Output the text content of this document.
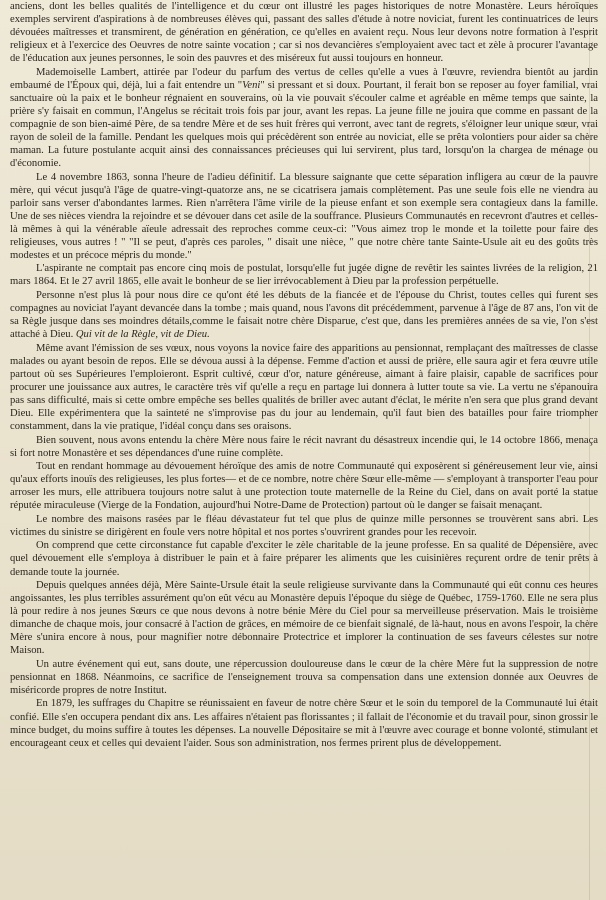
anciens, dont les belles qualités de l'intelligence et du cœur ont illustré les pages historiques de notre Monastère. Leurs héroïques exemples servirent d'aspirations à de nombreuses élèves qui, passant des salles d'étude à notre noviciat, furent les continuatrices de leurs dévouées maîtresses et transmirent, de génération en génération, ce qu'elles en avaient reçu. Nous leur devons notre formation à l'esprit religieux et à l'exercice des Oeuvres de notre sainte vocation ; car si nos devancières s'employaient avec tact et zèle à procurer l'avantage de l'éducation aux jeunes personnes, le soin des pauvres et des miséreux fut aussi toujours en honneur.

Mademoiselle Lambert, attirée par l'odeur du parfum des vertus de celles qu'elle a vues à l'œuvre, reviendra bientôt au jardin embaumé de l'Époux qui, déjà, lui a fait entendre un "Veni" si pressant et si doux. Pourtant, il ferait bon se reposer au foyer familial, vrai sanctuaire où la paix et le bonheur régnaient en souverains, où la vie pouvait s'écouler calme et agréable en même temps que sainte, la prière s'y faisait en commun, l'Angelus se récitait trois fois par jour, avant les repas. La jeune fille ne jouira que comme en passant de la compagnie de son bien-aimé Père, de sa tendre Mère et de ses huit frères qui verront, avec tant de regrets, s'éloigner leur unique sœur, vrai rayon de soleil de la famille. Pendant les quelques mois qui précèdèrent son entrée au noviciat, elle se prêta volontiers pour aider sa chère maman. La future postulante acquit ainsi des connaissances précieuses qui lui servirent, plus tard, lorsqu'on la chargea de ménage ou d'économie.

Le 4 novembre 1863, sonna l'heure de l'adieu définitif. La blessure saignante que cette séparation infligera au cœur de la pauvre mère, qui vécut jusqu'à l'âge de quatre-vingt-quatorze ans, ne se cicatrisera jamais complètement. Pas une seule fois elle ne viendra au parloir sans verser d'abondantes larmes. Rien n'arrêtera l'âme virile de la pieuse enfant et son exemple sera contagieux dans la famille. Une de ses nièces viendra la rejoindre et se dévouer dans cet asile de la souffrance. Plusieurs Communautés en recevront d'autres et celles-là mêmes à qui la vénérable aïeule adressait des reproches comme ceux-ci: "Vous aimez trop le monde et la toilette pour faire des religieuses, vous autres ! " "Il se peut, d'après ces paroles, " disait une nièce, " que notre chère tante Sainte-Usule ait eu des goûts très modestes et un précoce mépris du monde."

L'aspirante ne comptait pas encore cinq mois de postulat, lorsqu'elle fut jugée digne de revêtir les saintes livrées de la religion, 21 mars 1864. Et le 27 avril 1865, elle avait le bonheur de se lier irrévocablement à Dieu par la profession perpétuelle.

Personne n'est plus là pour nous dire ce qu'ont été les débuts de la fiancée et de l'épouse du Christ, toutes celles qui furent ses compagnes au noviciat l'ayant devancée dans la tombe ; mais quand, nous l'avons dit précédemment, parvenue à l'âge de 87 ans, l'on vit de sa Règle jusque dans ses moindres détails,comme le faisait notre chère Disparue, c'est que, dans les premières années de sa vie, l'on s'est attaché à Dieu. Qui vit de la Règle, vit de Dieu.

Même avant l'émission de ses vœux, nous voyons la novice faire des apparitions au pensionnat, remplaçant des maîtresses de classe malades ou ayant besoin de repos. Elle se dévoua aussi à la dépense. Femme d'action et aussi de prière, elle saura agir et fera œuvre utile partout où ses Supérieures l'emploieront. Esprit cultivé, cœur d'or, nature généreuse, aimant à faire plaisir, capable de sacrifices pour procurer une jouissance aux autres, le caractère très vif qu'elle a reçu en partage lui donnera à lutter toute sa vie. La vertu ne s'épanouira pas sans difficulté, mais si cette ombre empêche ses belles qualités de briller avec autant d'éclat, le mérite n'en sera que plus grand devant Dieu. Elle expérimentera que la sainteté ne s'improvise pas du jour au lendemain, qu'il faut bien des batailles pour faire triompher constamment, dans la vie pratique, l'idéal conçu dans ses oraisons.

Bien souvent, nous avons entendu la chère Mère nous faire le récit navrant du désastreux incendie qui, le 14 octobre 1866, menaça si fort notre Monastère et ses dépendances d'une ruine complète.

Tout en rendant hommage au dévouement héroïque des amis de notre Communauté qui exposèrent si généreusement leur vie, ainsi qu'aux efforts inouïs des religieuses, les plus fortes— et de ce nombre, notre chère Sœur elle-même — s'employant à transporter l'eau pour arroser les murs, elle attribuera toujours notre salut à une protection toute maternelle de la Reine du Ciel, dans on avait porté la statue réputée miraculeuse (Vierge de la Fondation, aujourd'hui Notre-Dame de Protection) partout où le danger se faisait menaçant.

Le nombre des maisons rasées par le fléau dévastateur fut tel que plus de quinze mille personnes se trouvèrent sans abri. Les victimes du sinistre se dirigèrent en foule vers notre hôpital et nos portes s'ouvrirent grandes pour les recevoir.

On comprend que cette circonstance fut capable d'exciter le zèle charitable de la jeune professe. En sa qualité de Dépensière, avec quel dévouement elle s'employa à distribuer le pain et à faire préparer les aliments que les cuisinières reçurent ordre de tenir prêts à demande toute la journée.

Depuis quelques années déjà, Mère Sainte-Ursule était la seule religieuse survivante dans la Communauté qui eût connu ces heures angoissantes, les plus terribles assurément qu'on eût vécu au Monastère depuis l'époque du siège de Québec, 1759-1760. Elle ne sera plus là pour redire à nos jeunes Sœurs ce que nous devons à notre bénie Mère du Ciel pour sa merveilleuse préservation. Mais le troisième dimanche de chaque mois, jour consacré à l'action de grâces, en mémoire de ce bienfait signalé, de là-haut, nous en avons l'espoir, la chère Mère s'unira encore à nous, pour magnifier notre débonnaire Protectrice et implorer la continuation de ses faveurs célestes sur notre Maison.

Un autre événement qui eut, sans doute, une répercussion douloureuse dans le cœur de la chère Mère fut la suppression de notre pensionnat en 1868. Néanmoins, ce sacrifice de l'enseignement trouva sa compensation dans une extension donnée aux Oeuvres de miséricorde propres de notre Institut.

En 1879, les suffrages du Chapitre se réunissaient en faveur de notre chère Sœur et le soin du temporel de la Communauté lui était confié. Elle s'en occupera pendant dix ans. Les affaires n'étaient pas florissantes ; il fallait de l'économie et du travail pour, sinon grossir le mince budget, du moins suffire à toutes les dépenses. La nouvelle Dépositaire se mit à l'œuvre avec courage et bonne volonté, stimulant et encourageant ceux et celles qui devaient l'aider. Sous son administration, nos fermes prirent plus de développement.
